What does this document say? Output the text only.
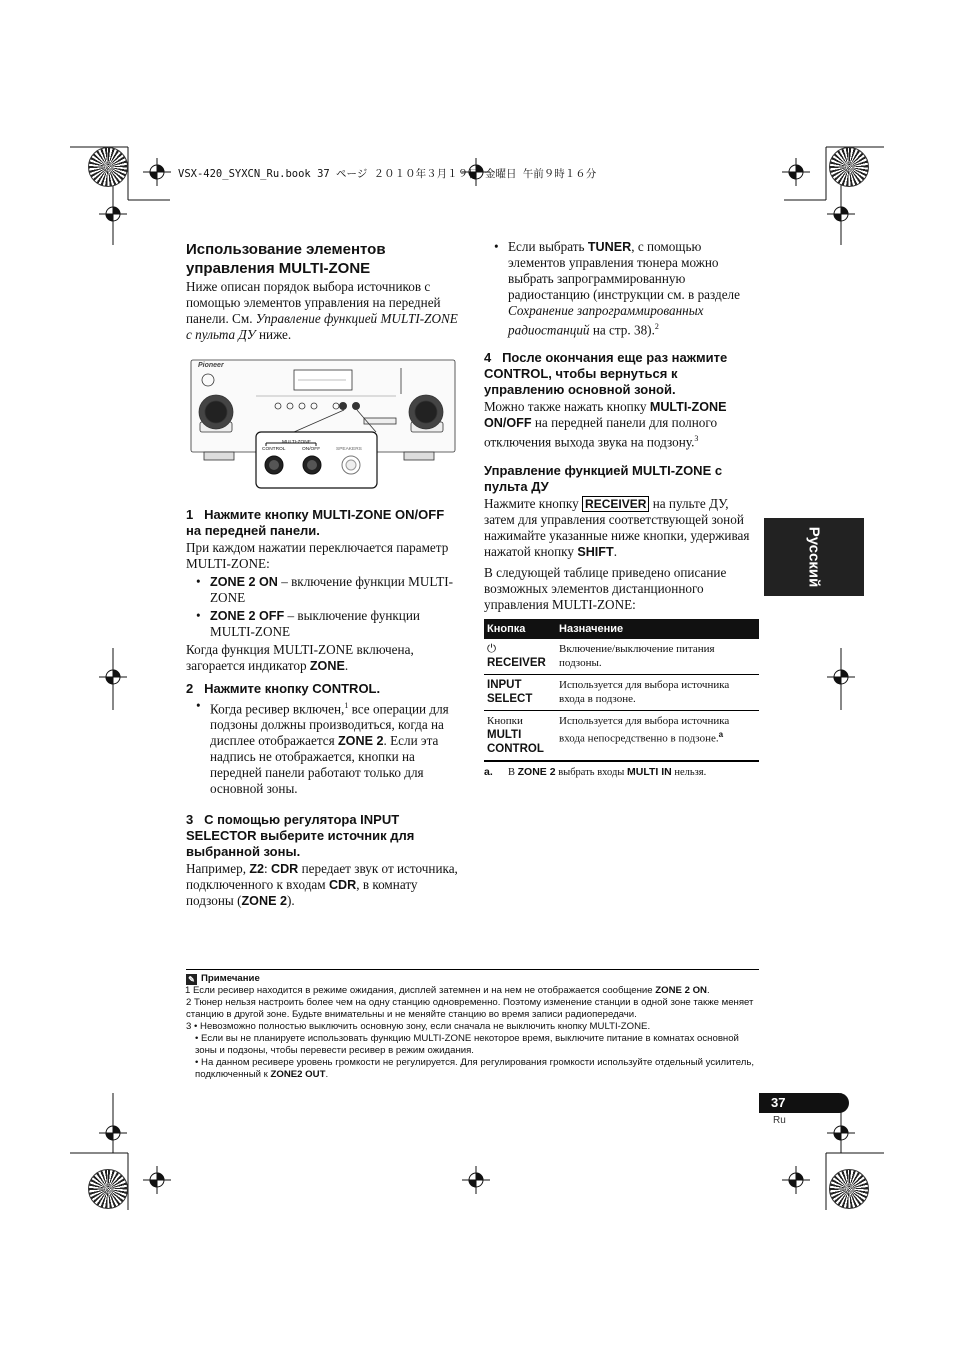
VSX-420_SYXCN_Ru.book 37 ページ ２０１０年３月１９日 金曜日 午前９時１６分
Русский
Использование элементов
управления MULTI-ZONE
Ниже описан порядок выбора источников с помощью элементов управления на передней панели. См. Управление функцией MULTI-ZONE с пульта ДУ ниже.
Pioneer
MULTI-ZONE
CONTROL	ON/OFF	SPEAKERS
1 Нажмите кнопку MULTI-ZONE ON/OFF на передней панели.
При каждом нажатии переключается параметр MULTI-ZONE:
• ZONE 2 ON – включение функции MULTI-ZONE
• ZONE 2 OFF – выключение функции MULTI-ZONE
Когда функция MULTI-ZONE включена, загорается индикатор ZONE.
2 Нажмите кнопку CONTROL.
• Когда ресивер включен,$^1$ все операции для подзоны должны производиться, когда на дисплее отображается ZONE 2. Если эта надпись не отображается, кнопки на передней панели работают только для основной зоны.
3 С помощью регулятора INPUT SELECTOR выберите источник для выбранной зоны.
Например, Z2: CDR передает звук от источника, подключенного к входам CDR, в комнату подзоны (ZONE 2).
• Если выбрать TUNER, с помощью элементов управления тюнера можно выбрать запрограммированную радиостанцию (инструкции см. в разделе Сохранение запрограммированных радиостанций на стр. 38).$^2$
4 После окончания еще раз нажмите CONTROL, чтобы вернуться к управлению основной зоной.
Можно также нажать кнопку MULTI-ZONE ON/OFF на передней панели для полного отключения выхода звука на подзону.$^3$
Управление функцией MULTI-ZONE с пульта ДУ
Нажмите кнопку RECEIVER на пульте ДУ, затем для управления соответствующей зоной нажимайте указанные ниже кнопки, удерживая нажатой кнопку SHIFT.
В следующей таблице приведено описание возможных элементов дистанционного управления MULTI-ZONE:
Кнопка	Назначение

⏻
RECEIVER	Включение/выключение питания подзоны.
INPUT SELECT	Используется для выбора источника входа в подзоне.

Кнопки
MULTI CONTROL	Используется для выбора источника входа непосредственно в подзоне.$^a$
a. В ZONE 2 выбрать входы MULTI IN нельзя.
✎ Примечание
1 Если ресивер находится в режиме ожидания, дисплей затемнен и на нем не отображается сообщение ZONE 2 ON.
2 Тюнер нельзя настроить более чем на одну станцию одновременно. Поэтому изменение станции в одной зоне также меняет станцию в другой зоне. Будьте внимательны и не меняйте станцию во время записи радиопередачи.
3 • Невозможно полностью выключить основную зону, если сначала не выключить кнопку MULTI-ZONE.
• Если вы не планируете использовать функцию MULTI-ZONE некоторое время, выключите питание в комнатах основной зоны и подзоны, чтобы перевести ресивер в режим ожидания.
• На данном ресивере уровень громкости не регулируется. Для регулирования громкости используйте отдельный усилитель, подключенный к ZONE2 OUT.
37
Ru
